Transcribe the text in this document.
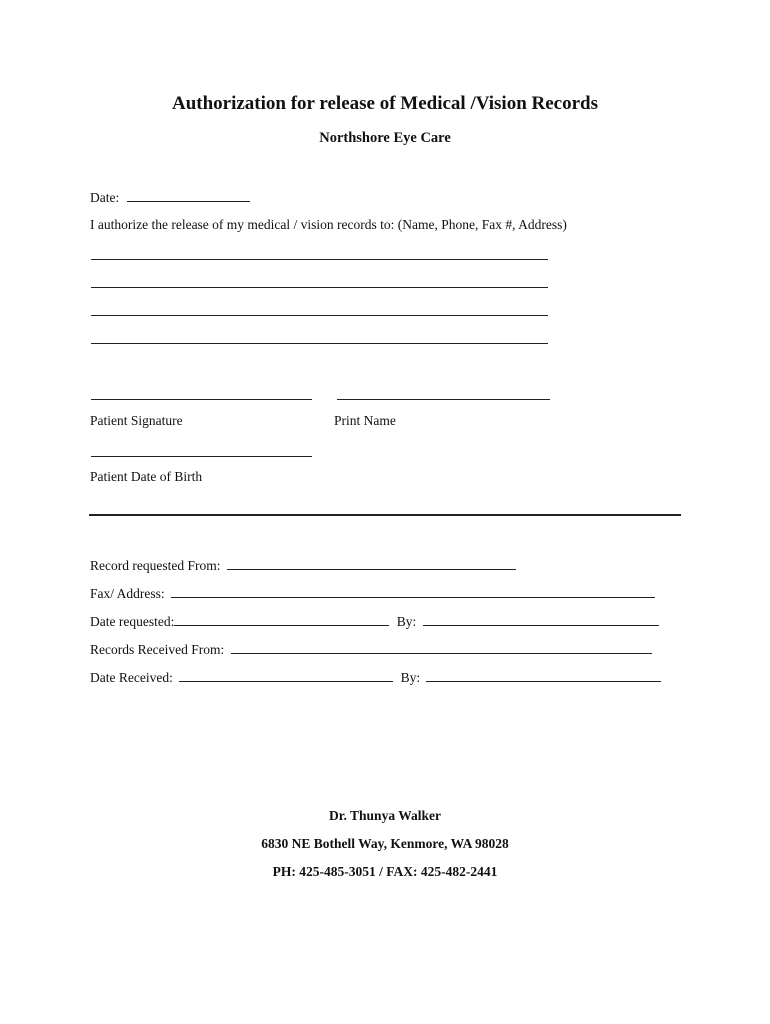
Authorization for release of Medical /Vision Records
Northshore Eye Care
Date:
I authorize the release of my medical / vision records to: (Name, Phone, Fax #, Address)
Patient Signature	Print Name
Patient Date of Birth
Record requested From:
Fax/ Address:
Date requested:	By:
Records Received From:
Date Received:	By:
Dr. Thunya Walker
6830 NE Bothell Way, Kenmore, WA 98028
PH: 425-485-3051 / FAX: 425-482-2441
